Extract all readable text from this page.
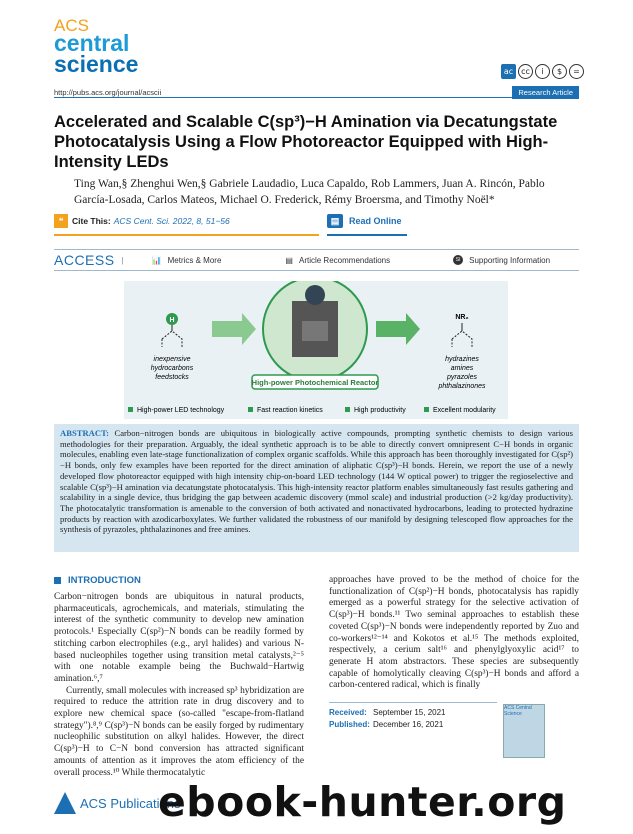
ACS
central
science	ac cc	i	$	=
http://pubs.acs.org/journal/acscii	Research Article
Accelerated and Scalable C(sp³)−H Amination via Decatungstate Photocatalysis Using a Flow Photoreactor Equipped with High-Intensity LEDs
Ting Wan,§ Zhenghui Wen,§ Gabriele Laudadio, Luca Capaldo, Rob Lammers, Juan A. Rincón, Pablo García-Losada, Carlos Mateos, Michael O. Frederick, Rémy Broersma, and Timothy Noël*
❝	Cite This: ACS Cent. Sci. 2022, 8, 51−56	▤	Read Online
ACCESS |	📊 Metrics & More	▤ Article Recommendations	SI	Supporting Information
H
inexpensive
hydrocarbons
feedstocks
High-power Photochemical Reactor
NR₂
hydrazines
amines
pyrazoles
phthalazinones
High-power LED technology	Fast reaction kinetics	High productivity	Excellent modularity

ABSTRACT: Carbon−nitrogen bonds are ubiquitous in biologically active compounds, prompting synthetic chemists to design various methodologies for their preparation. Arguably, the ideal synthetic approach is to be able to directly convert omnipresent C−H bonds in organic molecules, enabling even late-stage functionalization of complex organic scaffolds. While this approach has been thoroughly investigated for C(sp²)−H bonds, only few examples have been reported for the direct amination of aliphatic C(sp³)−H bonds. Herein, we report the use of a newly developed flow photoreactor equipped with high intensity chip-on-board LED technology (144 W optical power) to trigger the regioselective and scalable C(sp³)−H amination via decatungstate photocatalysis. This high-intensity reactor platform enables simultaneously fast results gathering and scalability in a single device, thus bridging the gap between academic discovery (mmol scale) and industrial production (>2 kg/day productivity). The photocatalytic transformation is amenable to the conversion of both activated and nonactivated hydrocarbons, leading to protected hydrazine products by reaction with azodicarboxylates. We further validated the robustness of our manifold by designing telescoped flow approaches for the synthesis of pyrazoles, phthalazinones and free amines.

INTRODUCTION

Carbon−nitrogen bonds are ubiquitous in natural products, pharmaceuticals, agrochemicals, and materials, stimulating the interest of the synthetic community to develop new amination protocols.¹ Especially C(sp²)−N bonds can be readily formed by stitching carbon electrophiles (e.g., aryl halides) and various N-based nucleophiles together using transition metal catalysts,²⁻⁵ with one notable example being the Buchwald−Hartwig amination.⁶,⁷

Currently, small molecules with increased sp³ hybridization are required to reduce the attrition rate in drug discovery and to explore new chemical space (so-called "escape-from-flatland strategy").⁸,⁹ C(sp³)−N bonds can be easily forged by rudimentary nucleophilic substitution on alkyl halides. However, the direct C(sp³)−H to C−N bond conversion has attracted significant amounts of attention as it improves the atom efficiency of the overall process.¹⁰ While thermocatalytic

approaches have proved to be the method of choice for the functionalization of C(sp²)−H bonds, photocatalysis has rapidly emerged as a powerful strategy for the selective activation of C(sp³)−H bonds.¹¹ Two seminal approaches to establish these coveted C(sp³)−N bonds were independently reported by Zuo and co-workers¹²⁻¹⁴ and Kokotos et al.¹⁵ The methods exploited, respectively, a cerium salt¹⁶ and phenylglyoxylic acid¹⁷ to generate H atom abstractors. These species are subsequently capable of homolytically cleaving C(sp³)−H bonds and afford a carbon-centered radical, which is finally

Received: September 15, 2021
Published: December 16, 2021
ACS Central Science
ACS Publications
ebook-hunter.org
